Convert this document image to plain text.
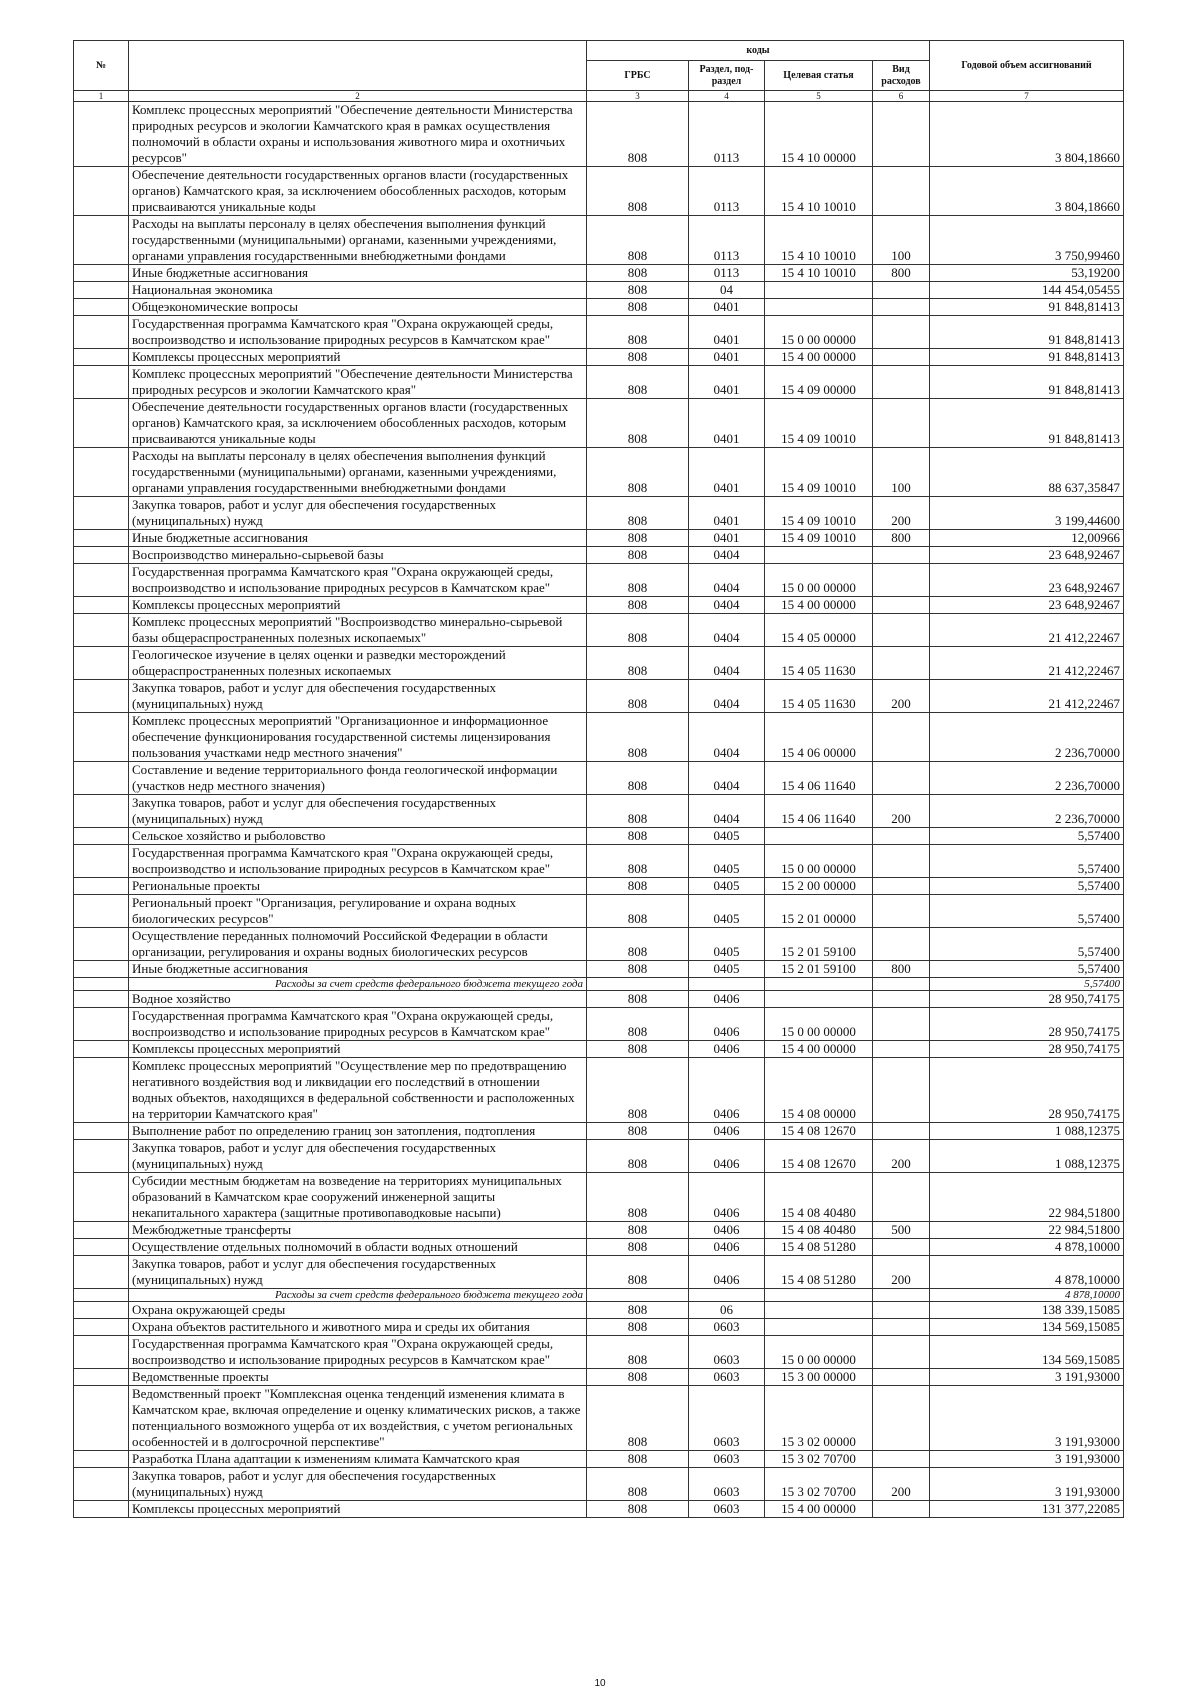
№		коды				Годовой объем ассигнований
		ГРБС	Раздел, под-раздел	Целевая статья	Вид расходов	
1	2	3	4	5	6	7
	Комплекс процессных мероприятий "Обеспечение деятельности Министерства природных ресурсов и экологии Камчатского края в рамках осуществления полномочий в области охраны и использования животного мира и охотничьих ресурсов"	808	0113	15 4 10 00000		3 804,18660
	Обеспечение деятельности государственных органов власти (государственных органов) Камчатского края, за исключением обособленных расходов, которым присваиваются уникальные коды	808	0113	15 4 10 10010		3 804,18660
	Расходы на выплаты персоналу в целях обеспечения выполнения функций государственными (муниципальными) органами, казенными учреждениями, органами управления государственными внебюджетными фондами	808	0113	15 4 10 10010	100	3 750,99460
	Иные бюджетные ассигнования	808	0113	15 4 10 10010	800	53,19200
	Национальная экономика	808	04			144 454,05455
	Общеэкономические вопросы	808	0401			91 848,81413
	Государственная программа Камчатского края "Охрана окружающей среды, воспроизводство и использование природных ресурсов в Камчатском крае"	808	0401	15 0 00 00000		91 848,81413
	Комплексы процессных мероприятий	808	0401	15 4 00 00000		91 848,81413
	Комплекс процессных мероприятий "Обеспечение деятельности Министерства природных ресурсов и экологии Камчатского края"	808	0401	15 4 09 00000		91 848,81413
	Обеспечение деятельности государственных органов власти (государственных органов) Камчатского края, за исключением обособленных расходов, которым присваиваются уникальные коды	808	0401	15 4 09 10010		91 848,81413
	Расходы на выплаты персоналу в целях обеспечения выполнения функций государственными (муниципальными) органами, казенными учреждениями, органами управления государственными внебюджетными фондами	808	0401	15 4 09 10010	100	88 637,35847
	Закупка товаров, работ и услуг для обеспечения государственных (муниципальных) нужд	808	0401	15 4 09 10010	200	3 199,44600
	Иные бюджетные ассигнования	808	0401	15 4 09 10010	800	12,00966
	Воспроизводство минерально-сырьевой базы	808	0404			23 648,92467
	Государственная программа Камчатского края "Охрана окружающей среды, воспроизводство и использование природных ресурсов в Камчатском крае"	808	0404	15 0 00 00000		23 648,92467
	Комплексы процессных мероприятий	808	0404	15 4 00 00000		23 648,92467
	Комплекс процессных мероприятий "Воспроизводство минерально-сырьевой базы общераспространенных полезных ископаемых"	808	0404	15 4 05 00000		21 412,22467
	Геологическое изучение в целях оценки и разведки месторождений общераспространенных полезных ископаемых	808	0404	15 4 05 11630		21 412,22467
	Закупка товаров, работ и услуг для обеспечения государственных (муниципальных) нужд	808	0404	15 4 05 11630	200	21 412,22467
	Комплекс процессных мероприятий "Организационное и информационное обеспечение функционирования государственной системы лицензирования пользования участками недр местного значения"	808	0404	15 4 06 00000		2 236,70000
	Составление и ведение территориального фонда геологической информации (участков недр местного значения)	808	0404	15 4 06 11640		2 236,70000
	Закупка товаров, работ и услуг для обеспечения государственных (муниципальных) нужд	808	0404	15 4 06 11640	200	2 236,70000
	Сельское хозяйство и рыболовство	808	0405			5,57400
	Государственная программа Камчатского края "Охрана окружающей среды, воспроизводство и использование природных ресурсов в Камчатском крае"	808	0405	15 0 00 00000		5,57400
	Региональные проекты	808	0405	15 2 00 00000		5,57400
	Региональный проект "Организация, регулирование и охрана водных биологических ресурсов"	808	0405	15 2 01 00000		5,57400
	Осуществление переданных полномочий Российской Федерации в области организации, регулирования и охраны водных биологических ресурсов	808	0405	15 2 01 59100		5,57400
	Иные бюджетные ассигнования	808	0405	15 2 01 59100	800	5,57400
	Расходы за счет средств федерального бюджета текущего года					5,57400
	Водное хозяйство	808	0406			28 950,74175
	Государственная программа Камчатского края "Охрана окружающей среды, воспроизводство и использование природных ресурсов в Камчатском крае"	808	0406	15 0 00 00000		28 950,74175
	Комплексы процессных мероприятий	808	0406	15 4 00 00000		28 950,74175
	Комплекс процессных мероприятий "Осуществление мер по предотвращению негативного воздействия вод и ликвидации его последствий в отношении водных объектов, находящихся в федеральной собственности и расположенных на территории Камчатского края"	808	0406	15 4 08 00000		28 950,74175
	Выполнение работ по определению границ зон затопления, подтопления	808	0406	15 4 08 12670		1 088,12375
	Закупка товаров, работ и услуг для обеспечения государственных (муниципальных) нужд	808	0406	15 4 08 12670	200	1 088,12375
	Субсидии местным бюджетам на возведение на территориях муниципальных образований в Камчатском крае сооружений инженерной защиты некапитального характера (защитные противопаводковые насыпи)	808	0406	15 4 08 40480		22 984,51800
	Межбюджетные трансферты	808	0406	15 4 08 40480	500	22 984,51800
	Осуществление отдельных полномочий в области водных отношений	808	0406	15 4 08 51280		4 878,10000
	Закупка товаров, работ и услуг для обеспечения государственных (муниципальных) нужд	808	0406	15 4 08 51280	200	4 878,10000
	Расходы за счет средств федерального бюджета текущего года					4 878,10000
	Охрана окружающей среды	808	06			138 339,15085
	Охрана объектов растительного и животного мира и среды их обитания	808	0603			134 569,15085
	Государственная программа Камчатского края "Охрана окружающей среды, воспроизводство и использование природных ресурсов в Камчатском крае"	808	0603	15 0 00 00000		134 569,15085
	Ведомственные проекты	808	0603	15 3 00 00000		3 191,93000
	Ведомственный проект "Комплексная оценка тенденций изменения климата в Камчатском крае, включая определение и оценку климатических рисков, а также потенциального возможного ущерба от их воздействия, с учетом региональных особенностей и в долгосрочной перспективе"	808	0603	15 3 02 00000		3 191,93000
	Разработка Плана адаптации к изменениям климата Камчатского края	808	0603	15 3 02 70700		3 191,93000
	Закупка товаров, работ и услуг для обеспечения государственных (муниципальных) нужд	808	0603	15 3 02 70700	200	3 191,93000
	Комплексы процессных мероприятий	808	0603	15 4 00 00000		131 377,22085
10
